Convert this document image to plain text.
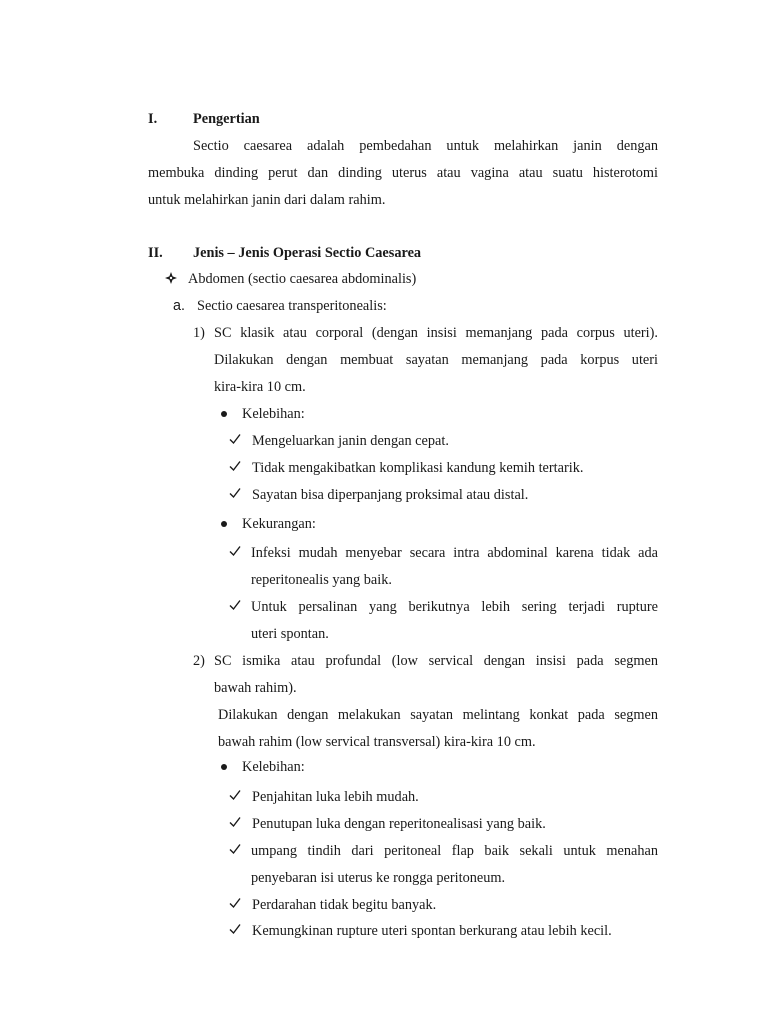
I.	Pengertian
Sectio caesarea adalah pembedahan untuk melahirkan janin dengan
membuka dinding perut dan dinding uterus atau vagina atau suatu histerotomi
untuk melahirkan janin dari dalam rahim.
II. Jenis – Jenis Operasi Sectio Caesarea
Abdomen (sectio caesarea abdominalis)
a. Sectio caesarea transperitonealis:
1) SC klasik atau corporal (dengan insisi memanjang pada corpus uteri).
Dilakukan dengan membuat sayatan memanjang pada korpus uteri
kira-kira 10 cm.
Kelebihan:
Mengeluarkan janin dengan cepat.
Tidak mengakibatkan komplikasi kandung kemih tertarik.
Sayatan bisa diperpanjang proksimal atau distal.
Kekurangan:
Infeksi mudah menyebar secara intra abdominal karena tidak ada
reperitonealis yang baik.
Untuk persalinan yang berikutnya lebih sering terjadi rupture
uteri spontan.
2) SC ismika atau profundal (low servical dengan insisi pada segmen
bawah rahim).
Dilakukan dengan melakukan sayatan melintang konkat pada segmen
bawah rahim (low servical transversal) kira-kira 10 cm.
Kelebihan:
Penjahitan luka lebih mudah.
Penutupan luka dengan reperitonealisasi yang baik.
umpang tindih dari peritoneal flap baik sekali untuk menahan
penyebaran isi uterus ke rongga peritoneum.
Perdarahan tidak begitu banyak.
Kemungkinan rupture uteri spontan berkurang atau lebih kecil.
